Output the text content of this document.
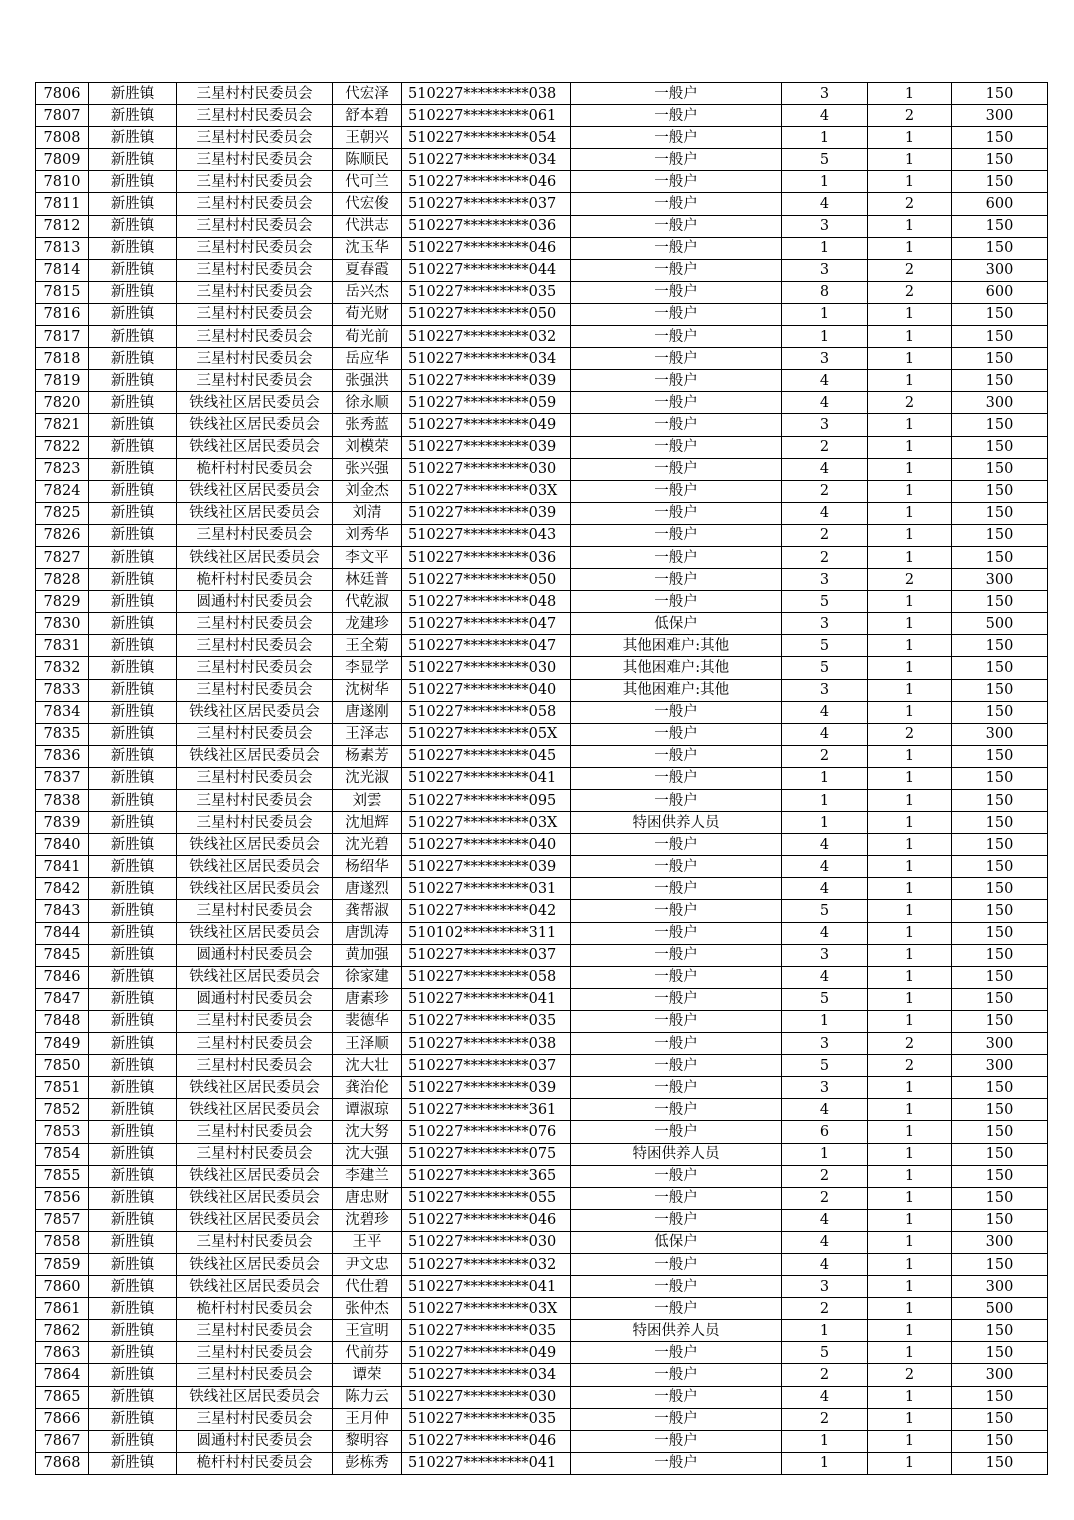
7806	新胜镇	三星村村民委员会	代宏泽	510227*********038	一般户	3	1	150
7807	新胜镇	三星村村民委员会	舒本碧	510227*********061	一般户	4	2	300
7808	新胜镇	三星村村民委员会	王朝兴	510227*********054	一般户	1	1	150
7809	新胜镇	三星村村民委员会	陈顺民	510227*********034	一般户	5	1	150
7810	新胜镇	三星村村民委员会	代可兰	510227*********046	一般户	1	1	150
7811	新胜镇	三星村村民委员会	代宏俊	510227*********037	一般户	4	2	600
7812	新胜镇	三星村村民委员会	代洪志	510227*********036	一般户	3	1	150
7813	新胜镇	三星村村民委员会	沈玉华	510227*********046	一般户	1	1	150
7814	新胜镇	三星村村民委员会	夏春霞	510227*********044	一般户	3	2	300
7815	新胜镇	三星村村民委员会	岳兴杰	510227*********035	一般户	8	2	600
7816	新胜镇	三星村村民委员会	荀光财	510227*********050	一般户	1	1	150
7817	新胜镇	三星村村民委员会	荀光前	510227*********032	一般户	1	1	150
7818	新胜镇	三星村村民委员会	岳应华	510227*********034	一般户	3	1	150
7819	新胜镇	三星村村民委员会	张强洪	510227*********039	一般户	4	1	150
7820	新胜镇	铁线社区居民委员会	徐永顺	510227*********059	一般户	4	2	300
7821	新胜镇	铁线社区居民委员会	张秀蓝	510227*********049	一般户	3	1	150
7822	新胜镇	铁线社区居民委员会	刘模荣	510227*********039	一般户	2	1	150
7823	新胜镇	桅杆村村民委员会	张兴强	510227*********030	一般户	4	1	150
7824	新胜镇	铁线社区居民委员会	刘金杰	510227*********03X	一般户	2	1	150
7825	新胜镇	铁线社区居民委员会	刘清	510227*********039	一般户	4	1	150
7826	新胜镇	三星村村民委员会	刘秀华	510227*********043	一般户	2	1	150
7827	新胜镇	铁线社区居民委员会	李文平	510227*********036	一般户	2	1	150
7828	新胜镇	桅杆村村民委员会	林廷普	510227*********050	一般户	3	2	300
7829	新胜镇	圆通村村民委员会	代乾淑	510227*********048	一般户	5	1	150
7830	新胜镇	三星村村民委员会	龙建珍	510227*********047	低保户	3	1	500
7831	新胜镇	三星村村民委员会	王全菊	510227*********047	其他困难户:其他	5	1	150
7832	新胜镇	三星村村民委员会	李显学	510227*********030	其他困难户:其他	5	1	150
7833	新胜镇	三星村村民委员会	沈树华	510227*********040	其他困难户:其他	3	1	150
7834	新胜镇	铁线社区居民委员会	唐遂刚	510227*********058	一般户	4	1	150
7835	新胜镇	三星村村民委员会	王泽志	510227*********05X	一般户	4	2	300
7836	新胜镇	铁线社区居民委员会	杨素芳	510227*********045	一般户	2	1	150
7837	新胜镇	三星村村民委员会	沈光淑	510227*********041	一般户	1	1	150
7838	新胜镇	三星村村民委员会	刘雲	510227*********095	一般户	1	1	150
7839	新胜镇	三星村村民委员会	沈旭辉	510227*********03X	特困供养人员	1	1	150
7840	新胜镇	铁线社区居民委员会	沈光碧	510227*********040	一般户	4	1	150
7841	新胜镇	铁线社区居民委员会	杨绍华	510227*********039	一般户	4	1	150
7842	新胜镇	铁线社区居民委员会	唐遂烈	510227*********031	一般户	4	1	150
7843	新胜镇	三星村村民委员会	龚帮淑	510227*********042	一般户	5	1	150
7844	新胜镇	铁线社区居民委员会	唐凯涛	510102*********311	一般户	4	1	150
7845	新胜镇	圆通村村民委员会	黄加强	510227*********037	一般户	3	1	150
7846	新胜镇	铁线社区居民委员会	徐家建	510227*********058	一般户	4	1	150
7847	新胜镇	圆通村村民委员会	唐素珍	510227*********041	一般户	5	1	150
7848	新胜镇	三星村村民委员会	裴德华	510227*********035	一般户	1	1	150
7849	新胜镇	三星村村民委员会	王泽顺	510227*********038	一般户	3	2	300
7850	新胜镇	三星村村民委员会	沈大壮	510227*********037	一般户	5	2	300
7851	新胜镇	铁线社区居民委员会	龚治伦	510227*********039	一般户	3	1	150
7852	新胜镇	铁线社区居民委员会	谭淑琼	510227*********361	一般户	4	1	150
7853	新胜镇	三星村村民委员会	沈大努	510227*********076	一般户	6	1	150
7854	新胜镇	三星村村民委员会	沈大强	510227*********075	特困供养人员	1	1	150
7855	新胜镇	铁线社区居民委员会	李建兰	510227*********365	一般户	2	1	150
7856	新胜镇	铁线社区居民委员会	唐忠财	510227*********055	一般户	2	1	150
7857	新胜镇	铁线社区居民委员会	沈碧珍	510227*********046	一般户	4	1	150
7858	新胜镇	三星村村民委员会	王平	510227*********030	低保户	4	1	300
7859	新胜镇	铁线社区居民委员会	尹文忠	510227*********032	一般户	4	1	150
7860	新胜镇	铁线社区居民委员会	代仕碧	510227*********041	一般户	3	1	300
7861	新胜镇	桅杆村村民委员会	张仲杰	510227*********03X	一般户	2	1	500
7862	新胜镇	三星村村民委员会	王宣明	510227*********035	特困供养人员	1	1	150
7863	新胜镇	三星村村民委员会	代前芬	510227*********049	一般户	5	1	150
7864	新胜镇	三星村村民委员会	谭荣	510227*********034	一般户	2	2	300
7865	新胜镇	铁线社区居民委员会	陈力云	510227*********030	一般户	4	1	150
7866	新胜镇	三星村村民委员会	王月仲	510227*********035	一般户	2	1	150
7867	新胜镇	圆通村村民委员会	黎明容	510227*********046	一般户	1	1	150
7868	新胜镇	桅杆村村民委员会	彭栋秀	510227*********041	一般户	1	1	150
